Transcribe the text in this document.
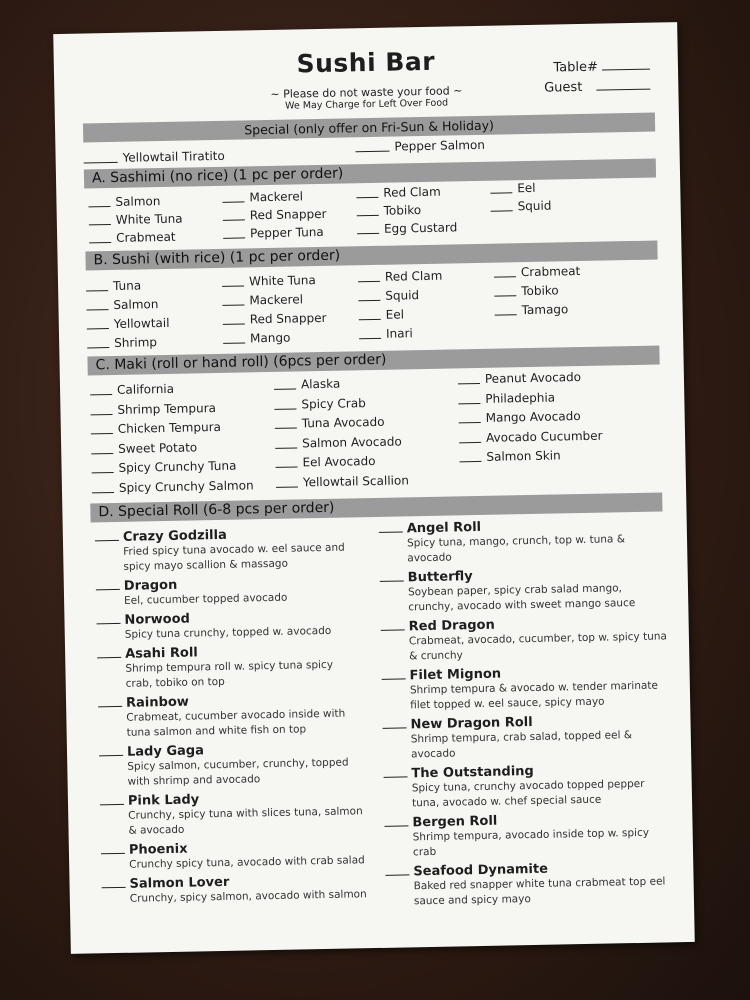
Sushi Bar
~ Please do not waste your food ~
We May Charge for Left Over Food
Table#
Guest
Special (only offer on Fri-Sun & Holiday)
Yellowtail Tiratito
Pepper Salmon
A. Sashimi (no rice) (1 pc per order)
Salmon
White Tuna
Crabmeat
Mackerel
Red Snapper
Pepper Tuna
Red Clam
Tobiko
Egg Custard
Eel
Squid
B. Sushi (with rice) (1 pc per order)
Tuna
Salmon
Yellowtail
Shrimp
White Tuna
Mackerel
Red Snapper
Mango
Red Clam
Squid
Eel
Inari
Crabmeat
Tobiko
Tamago
C. Maki (roll or hand roll) (6pcs per order)
California
Shrimp Tempura
Chicken Tempura
Sweet Potato
Spicy Crunchy Tuna
Spicy Crunchy Salmon
Alaska
Spicy Crab
Tuna Avocado
Salmon Avocado
Eel Avocado
Yellowtail Scallion
Peanut Avocado
Philadephia
Mango Avocado
Avocado Cucumber
Salmon Skin
D. Special Roll (6-8 pcs per order)
Crazy Godzilla
Fried spicy tuna avocado w. eel sauce and spicy mayo scallion & massago
Dragon
Eel, cucumber topped avocado
Norwood
Spicy tuna crunchy, topped w. avocado
Asahi Roll
Shrimp tempura roll w. spicy tuna spicy crab, tobiko on top
Rainbow
Crabmeat, cucumber avocado inside with tuna salmon and white fish on top
Lady Gaga
Spicy salmon, cucumber, crunchy, topped with shrimp and avocado
Pink Lady
Crunchy, spicy tuna with slices tuna, salmon & avocado
Phoenix
Crunchy spicy tuna, avocado with crab salad
Salmon Lover
Crunchy, spicy salmon, avocado with salmon
Angel Roll
Spicy tuna, mango, crunch, top w. tuna & avocado
Butterfly
Soybean paper, spicy crab salad mango, crunchy, avocado with sweet mango sauce
Red Dragon
Crabmeat, avocado, cucumber, top w. spicy tuna & crunchy
Filet Mignon
Shrimp tempura & avocado w. tender marinate filet topped w. eel sauce, spicy mayo
New Dragon Roll
Shrimp tempura, crab salad, topped eel & avocado
The Outstanding
Spicy tuna, crunchy avocado topped pepper tuna, avocado w. chef special sauce
Bergen Roll
Shrimp tempura, avocado inside top w. spicy crab
Seafood Dynamite
Baked red snapper white tuna crabmeat top eel sauce and spicy mayo
